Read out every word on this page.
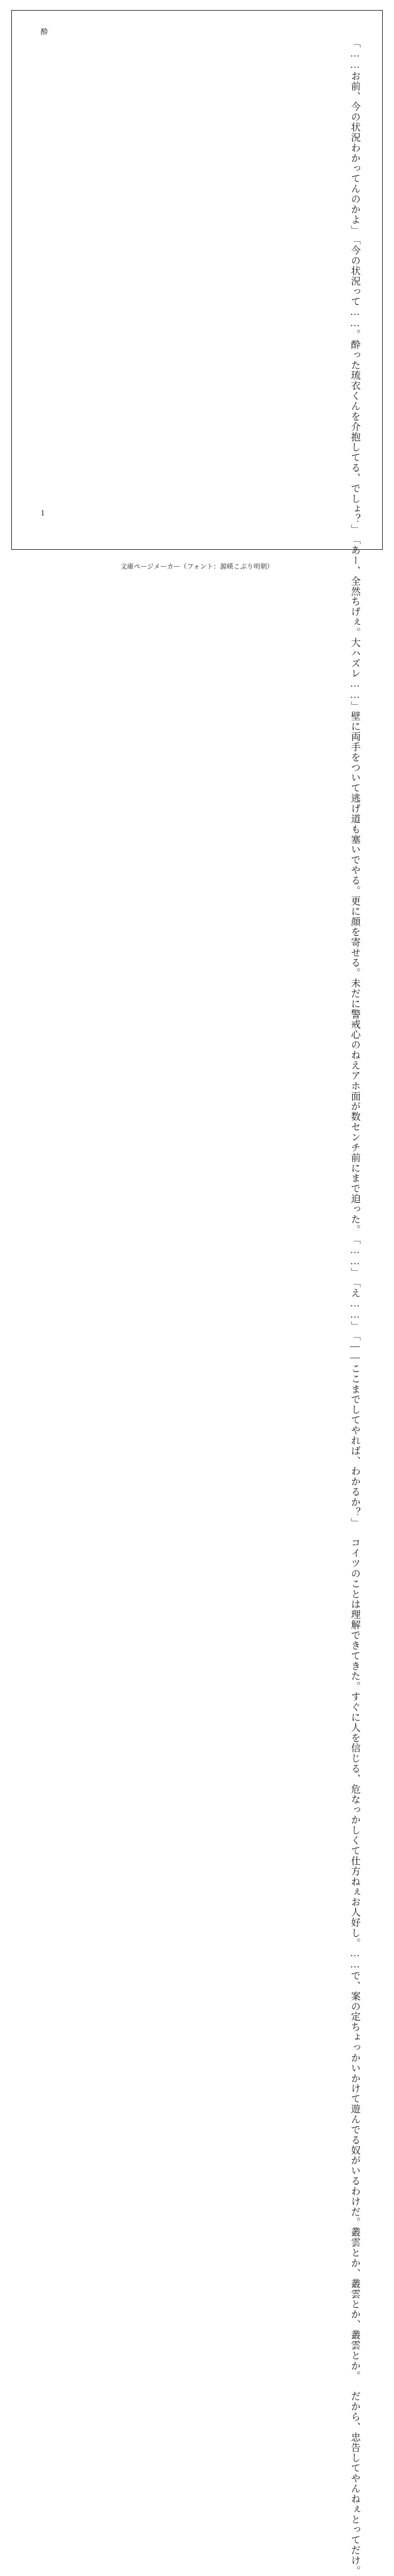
酔
「……お前、今の状況わかってんのかよ」
「今の状況って……。酔った琉衣くんを介抱してる、でしょ？」
「あー、全然ちげぇ。大ハズレ……」
壁に両手をついて逃げ道も塞いでやる。
更に顔を寄せる。未だに警戒心のねえアホ面が数センチ前にまで迫った。
「……」
「え……」
「――ここまでしてやれば、わかるか？」
コイツのことは理解できてきた。すぐに人を信じる、危なっかしくて仕方ねぇ
お人好し。
……で、案の定ちょっかいかけて遊んでる奴がいるわけだ。叢雲とか、叢雲と
か、叢雲とか。
だから、忠告してやんねぇとってだけ。
1
文庫ページメーカー（フォント：源暎こぶり明朝）
